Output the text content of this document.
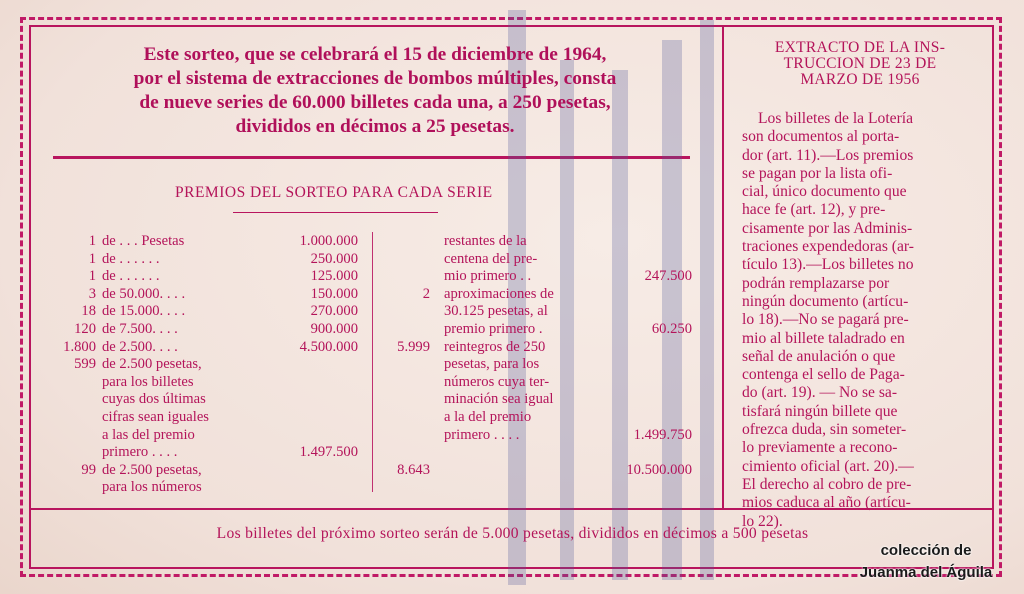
Este sorteo, que se celebrará el 15 de diciembre de 1964,
por el sistema de extracciones de bombos múltiples, consta
de nueve series de 60.000 billetes cada una, a 250 pesetas,
divididos en décimos a 25 pesetas.
PREMIOS DEL SORTEO PARA CADA SERIE
1 de . . . Pesetas	1.000.000
1 de . . . . . .	250.000
1 de . . . . . .	125.000
3 de 50.000. . . .	150.000
18 de 15.000. . . .	270.000
120 de 7.500. . . .	900.000
1.800 de 2.500. . . .	4.500.000
599 de 2.500 pesetas,
para los billetes
cuyas dos últimas
cifras sean iguales
a las del premio
primero . . . .	1.497.500
99 de 2.500 pesetas,
para los números
restantes de la
centena del pre-
mio primero . .	247.500
2 aproximaciones de
30.125 pesetas, al
premio primero .	60.250
5.999 reintegros de 250
pesetas, para los
números cuya ter-
minación sea igual
a la del premio
primero . . . .	1.499.750
8.643	10.500.000
EXTRACTO DE LA INS-
TRUCCION DE 23 DE
MARZO DE 1956
Los billetes de la Lotería
son documentos al porta-
dor (art. 11).—Los premios
se pagan por la lista ofi-
cial, único documento que
hace fe (art. 12), y pre-
cisamente por las Adminis-
traciones expendedoras (ar-
tículo 13).—Los billetes no
podrán remplazarse por
ningún documento (artícu-
lo 18).—No se pagará pre-
mio al billete taladrado en
señal de anulación o que
contenga el sello de Paga-
do (art. 19). — No se sa-
tisfará ningún billete que
ofrezca duda, sin someter-
lo previamente a recono-
cimiento oficial (art. 20).—
El derecho al cobro de pre-
mios caduca al año (artícu-
lo 22).
Los billetes del próximo sorteo serán de 5.000 pesetas, divididos en décimos a 500 pesetas
colección de
Juanma del Águila
